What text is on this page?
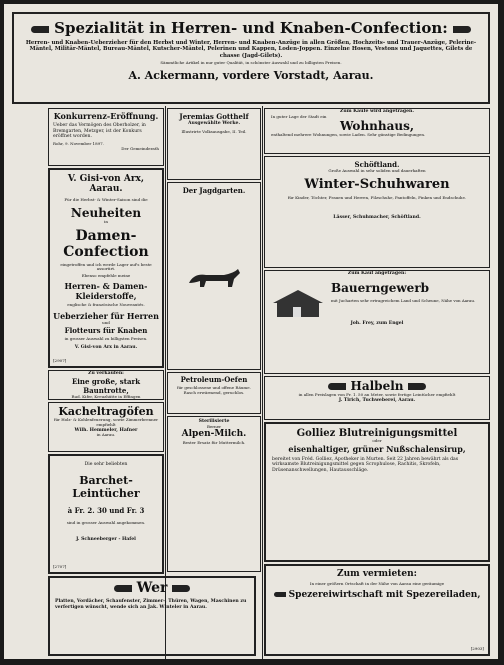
Spezialität in Herren- und Knaben-Confection:
Herren- und Knaben-Ueberzieher für den Herbst und Winter, Herren- und Knaben-Anzüge in allen Größen, Hochzeits- und Trauer-Anzüge, Pelerine-Mäntel, Militär-Mäntel, Bureau-Mäntel, Kutscher-Mäntel, Pelerinen und Kappen, Loden-Joppen. Einzelne Hosen, Vestons und Jaquettes, Gilets de chasse (Jagd-Gilets).
Sämmtliche Artikel in nur guter Qualität, in schönster Auswahl und zu billigsten Preisen.
A. Ackermann, vordere Vorstadt, Aarau.
Konkurrenz-Eröffnung.
Ueber das Vermögen des Oberholzer, in Bremgarten, Metzger, ist der Konkurs eröffnet worden.
Rohr, 9. November 1897.
Der Gemeinderath
V. Gisi-von Arx, Aarau.
Für die Herbst- & Winter-Saison sind die
Neuheiten
in
Damen-Confection
eingetroffen und ich werde Lager auf's beste assortirt.
Ebenso empfehle meine
Herren- & Damen-Kleiderstoffe,
englische & französische Nouveautés.
Ueberzieher für Herren
und
Flotteurs für Knaben
in grosser Auswahl zu billigsten Preisen.
V. Gisi-von Arx in Aarau.
[2907]
Zu verkaufen:
Eine große, stark Bauntrotte,
Rud. Kifer, Kreuzhütte in Effingen
Kacheltragöfen
für Holz- & Kohlenfeuerung, sowie Zimmerbrenner
empfiehlt
Wilh. Hemmeler, Hafner
in Aarau.
Die sehr beliebten
Barchet-Leintücher
à Fr. 2. 30 und Fr. 3
sind in grosser Auswahl angekommen.
J. Schneeberger - Hafel
[2707]
Wer
Platten, Vordächer, Schaufenster, Zimmer-, Thüren, Wagen, Maschinen zu verfertigen wünscht, wende sich an Jak. Winteler in Aarau.
Jeremias Gotthelf
Ausgewählte Werke.
Illustrirte Volksausgabe, II. Teil.
Der Jagdgarten.
Petroleum-Oefen
für geschlossene und offene Räume. Rasch erwärmend, geruchlos.
Sterilisierte
Berner
Alpen-Milch.
Bester Ersatz für Muttermilch.
Zum Kaufe wird angetragen.
In guter Lage der Stadt ein
Wohnhaus,
enthaltend mehrere Wohnungen, sowie Laden. Sehr günstige Bedingungen.
Schöftland.
Große Auswahl in sehr soliden und dauerhaften
Winter-Schuhwaren
für Kinder, Töchter, Frauen und Herren, Filzschuhe, Pantoffeln, Finken und Endschuhe.
Lässer, Schuhmacher, Schöftland.
Zum Kauf angetragen:
Bauerngewerb
mit Jucharten sehr ertragreichem Land und Scheune, Nähe von Aarau.
Joh. Frey, zum Engel
Halbeln
in allen Preislagen von Fr. 1. 50 an Meter, sowie fertige Leintücher empfiehlt
J. Tirich, Tuchweberei, Aarau.
Golliez Blutreinigungsmittel
oder
eisenhaltiger, grüner Nußschalensirup,
bereitet von Fréd. Golliez, Apotheker in Murten. Seit 22 Jahren bewährt als das wirksamste Blutreinigungsmittel gegen Scrophulose, Rachitis, Skrofeln, Drüsenanschwellungen, Hautausschläge.
Zum vermieten:
In einer größern Ortschaft in der Nähe von Aarau eine geräumige
Spezereiwirtschaft mit Spezereiladen,
[2903]
